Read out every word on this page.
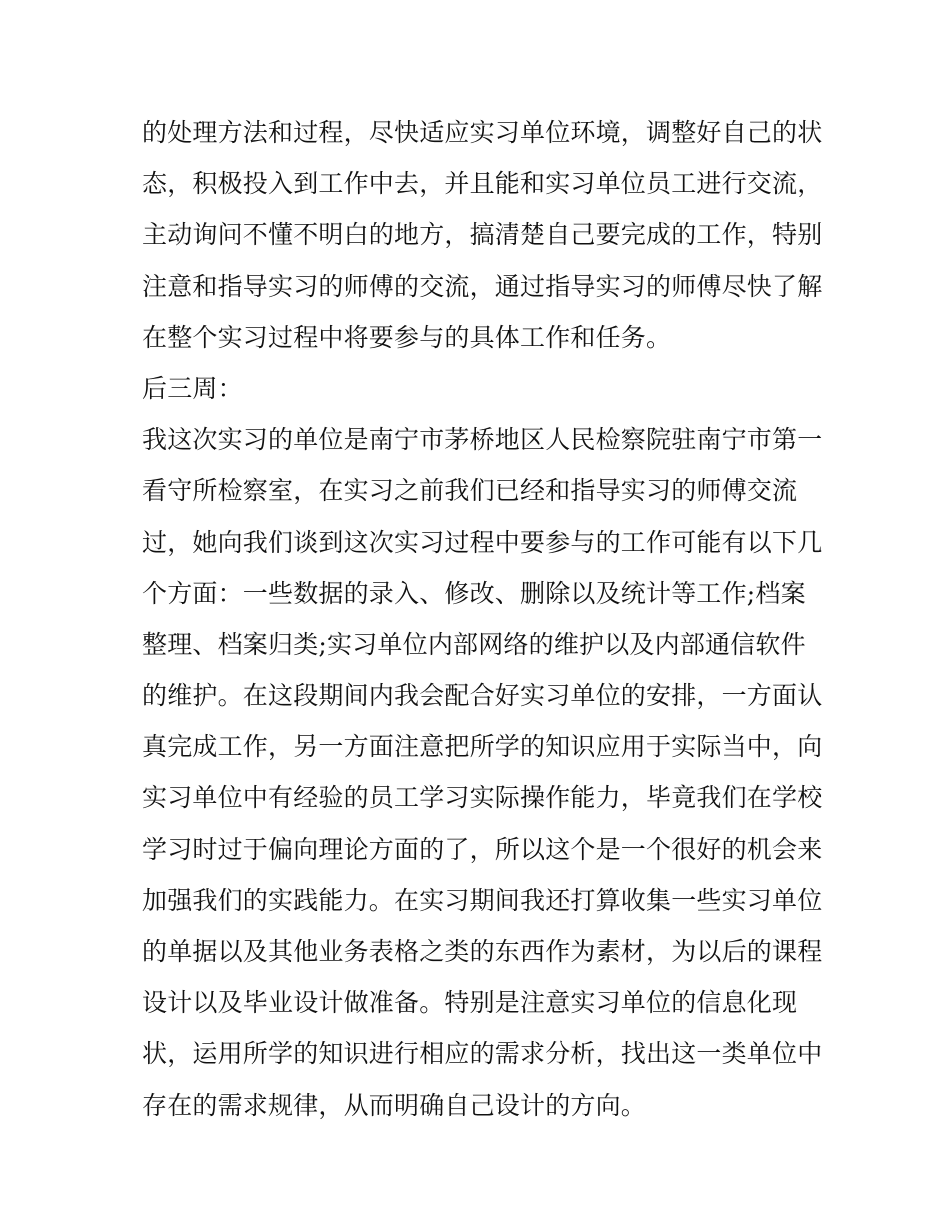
的处理方法和过程，尽快适应实习单位环境，调整好自己的状
态，积极投入到工作中去，并且能和实习单位员工进行交流，
主动询问不懂不明白的地方，搞清楚自己要完成的工作，特别
注意和指导实习的师傅的交流，通过指导实习的师傅尽快了解
在整个实习过程中将要参与的具体工作和任务。
后三周：
我这次实习的单位是南宁市茅桥地区人民检察院驻南宁市第一
看守所检察室，在实习之前我们已经和指导实习的师傅交流
过，她向我们谈到这次实习过程中要参与的工作可能有以下几
个方面：一些数据的录入、修改、删除以及统计等工作;档案
整理、档案归类;实习单位内部网络的维护以及内部通信软件
的维护。在这段期间内我会配合好实习单位的安排，一方面认
真完成工作，另一方面注意把所学的知识应用于实际当中，向
实习单位中有经验的员工学习实际操作能力，毕竟我们在学校
学习时过于偏向理论方面的了，所以这个是一个很好的机会来
加强我们的实践能力。在实习期间我还打算收集一些实习单位
的单据以及其他业务表格之类的东西作为素材，为以后的课程
设计以及毕业设计做准备。特别是注意实习单位的信息化现
状，运用所学的知识进行相应的需求分析，找出这一类单位中
存在的需求规律，从而明确自己设计的方向。
